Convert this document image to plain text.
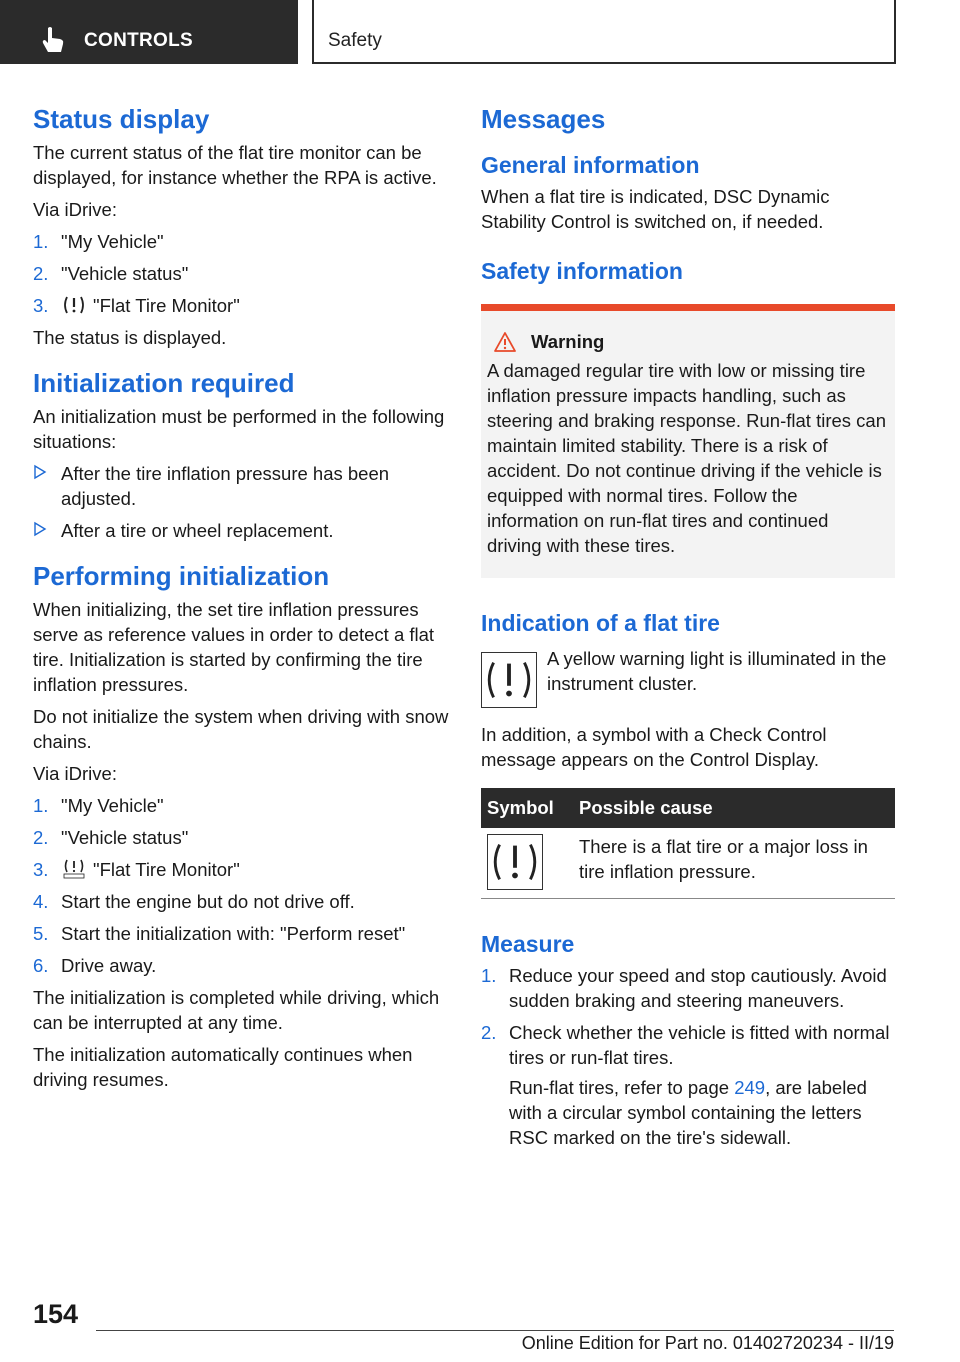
CONTROLS	Safety
Status display

The current status of the flat tire monitor can be displayed, for instance whether the RPA is active.

Via iDrive:

1. "My Vehicle"
2. "Vehicle status"
3. "Flat Tire Monitor"

The status is displayed.

Initialization required

An initialization must be performed in the following situations:

After the tire inflation pressure has been adjusted.
After a tire or wheel replacement.
Performing initialization

When initializing, the set tire inflation pressures serve as reference values in order to detect a flat tire. Initialization is started by confirming the tire inflation pressures.

Do not initialize the system when driving with snow chains.

Via iDrive:

1. "My Vehicle"
2. "Vehicle status"
3. "Flat Tire Monitor"
4. Start the engine but do not drive off.
5. Start the initialization with: "Perform reset"
6. Drive away.

The initialization is completed while driving, which can be interrupted at any time.

The initialization automatically continues when driving resumes.

Messages
General information

When a flat tire is indicated, DSC Dynamic Stability Control is switched on, if needed.

Safety information
Warning

A damaged regular tire with low or missing tire inflation pressure impacts handling, such as steering and braking response. Run-flat tires can maintain limited stability. There is a risk of accident. Do not continue driving if the vehicle is equipped with normal tires. Follow the information on run-flat tires and continued driving with these tires.

Indication of a flat tire

A yellow warning light is illuminated in the instrument cluster.

In addition, a symbol with a Check Control message appears on the Control Display.

Symbol	Possible cause

	There is a flat tire or a major loss in tire inflation pressure.
Measure
1. Reduce your speed and stop cautiously. Avoid sudden braking and steering maneuvers.
2. Check whether the vehicle is fitted with normal tires or run-flat tires.

Run-flat tires, refer to page 249, are labeled with a circular symbol containing the letters RSC marked on the tire's sidewall.

154
Online Edition for Part no. 01402720234 - II/19
